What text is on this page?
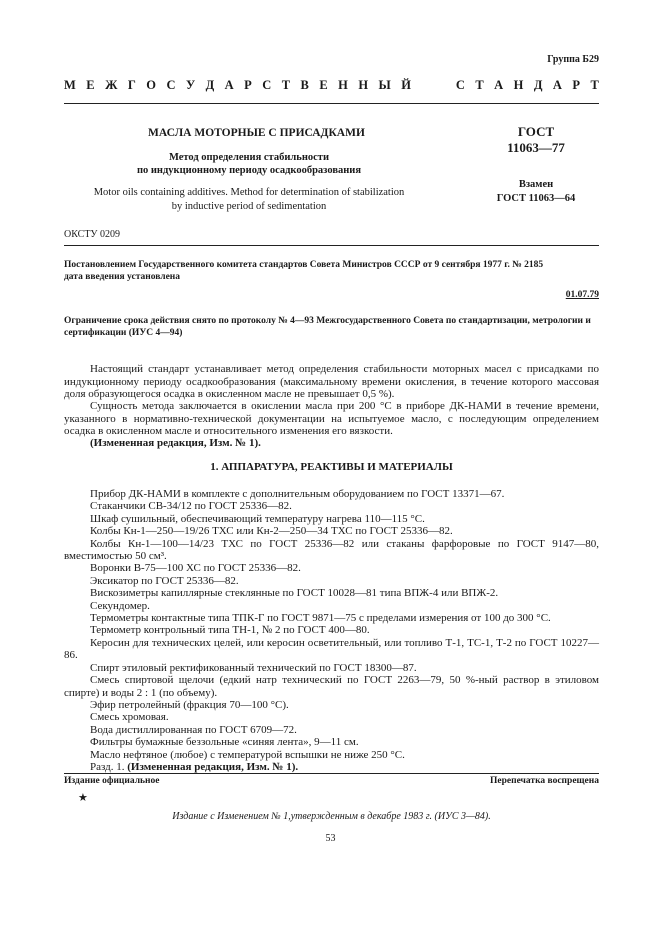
Группа Б29
М Е Ж Г О С У Д А Р С Т В Е Н Н Ы Й	С Т А Н Д А Р Т
МАСЛА МОТОРНЫЕ С ПРИСАДКАМИ
Метод определения стабильности
по индукционному периоду осадкообразования
Motor oils containing additives. Method for determination of stabilization
by inductive period of sedimentation
ГОСТ
11063—77
Взамен
ГОСТ 11063—64
ОКСТУ 0209
Постановлением Государственного комитета стандартов Совета Министров СССР от 9 сентября 1977 г. № 2185
дата введения установлена
01.07.79
Ограничение срока действия снято по протоколу № 4—93 Межгосударственного Совета по стандартизации, метрологии и сертификации (ИУС 4—94)
Настоящий стандарт устанавливает метод определения стабильности моторных масел с присадками по индукционному периоду осадкообразования (максимальному времени окисления, в течение которого массовая доля образующегося осадка в окисленном масле не превышает 0,5 %).
Сущность метода заключается в окислении масла при 200 °С в приборе ДК-НАМИ в течение времени, указанного в нормативно-технической документации на испытуемое масло, с последующим определением осадка в окисленном масле и относительного изменения его вязкости.
(Измененная редакция, Изм. № 1).
1. АППАРАТУРА, РЕАКТИВЫ И МАТЕРИАЛЫ
Прибор ДК-НАМИ в комплекте с дополнительным оборудованием по ГОСТ 13371—67.
Стаканчики СВ-34/12 по ГОСТ 25336—82.
Шкаф сушильный, обеспечивающий температуру нагрева 110—115 °С.
Колбы Кн-1—250—19/26 ТХС или Кн-2—250—34 ТХС по ГОСТ 25336—82.
Колбы Кн-1—100—14/23 ТХС по ГОСТ 25336—82 или стаканы фарфоровые по ГОСТ 9147—80, вместимостью 50 см³.
Воронки В-75—100 ХС по ГОСТ 25336—82.
Эксикатор по ГОСТ 25336—82.
Вискозиметры капиллярные стеклянные по ГОСТ 10028—81 типа ВПЖ-4 или ВПЖ-2.
Секундомер.
Термометры контактные типа ТПК-Г по ГОСТ 9871—75 с пределами измерения от 100 до 300 °С.
Термометр контрольный типа ТН-1, № 2 по ГОСТ 400—80.
Керосин для технических целей, или керосин осветительный, или топливо Т-1, ТС-1, Т-2 по ГОСТ 10227—86.
Спирт этиловый ректификованный технический по ГОСТ 18300—87.
Смесь спиртовой щелочи (едкий натр технический по ГОСТ 2263—79, 50 %-ный раствор в этиловом спирте) и воды 2 : 1 (по объему).
Эфир петролейный (фракция 70—100 °С).
Смесь хромовая.
Вода дистиллированная по ГОСТ 6709—72.
Фильтры бумажные беззольные «синяя лента», 9—11 см.
Масло нефтяное (любое) с температурой вспышки не ниже 250 °С.
Разд. 1. (Измененная редакция, Изм. № 1).
Издание официальное	Перепечатка воспрещена
★
Издание с Изменением № 1,утвержденным в декабре 1983 г. (ИУС 3—84).
53
